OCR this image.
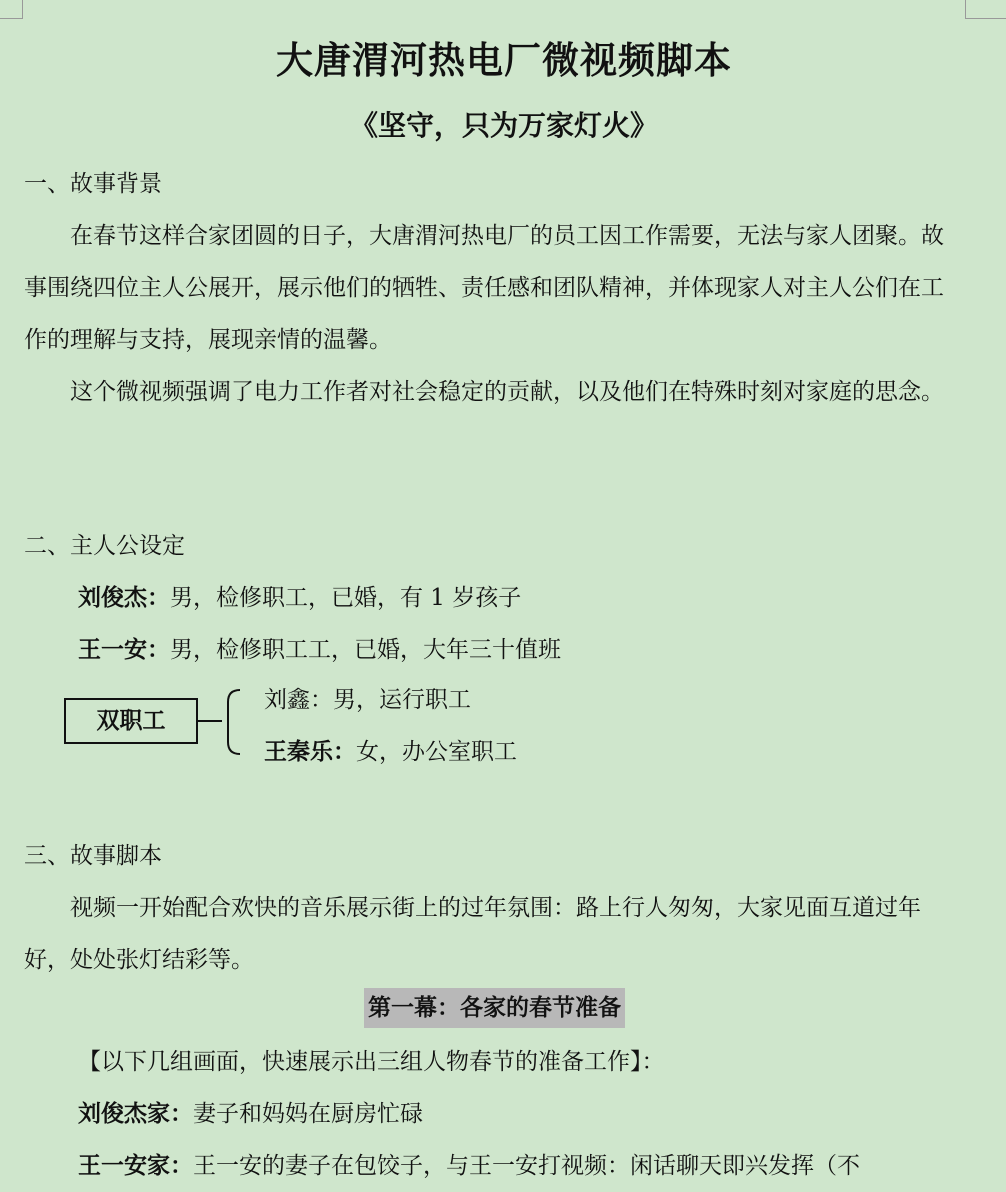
大唐渭河热电厂微视频脚本
《坚守，只为万家灯火》

一、故事背景

在春节这样合家团圆的日子，大唐渭河热电厂的员工因工作需要，无法与家人团聚。故事围绕四位主人公展开，展示他们的牺牲、责任感和团队精神，并体现家人对主人公们在工作的理解与支持，展现亲情的温馨。

这个微视频强调了电力工作者对社会稳定的贡献，以及他们在特殊时刻对家庭的思念。

二、主人公设定

刘俊杰：男，检修职工，已婚，有 1 岁孩子

王一安：男，检修职工工，已婚，大年三十值班

双职工

刘鑫：男，运行职工

王秦乐：女，办公室职工

三、故事脚本

视频一开始配合欢快的音乐展示街上的过年氛围：路上行人匆匆，大家见面互道过年好，处处张灯结彩等。

第一幕：各家的春节准备

【以下几组画面，快速展示出三组人物春节的准备工作】：

刘俊杰家：妻子和妈妈在厨房忙碌

王一安家：王一安的妻子在包饺子，与王一安打视频：闲话聊天即兴发挥（不
